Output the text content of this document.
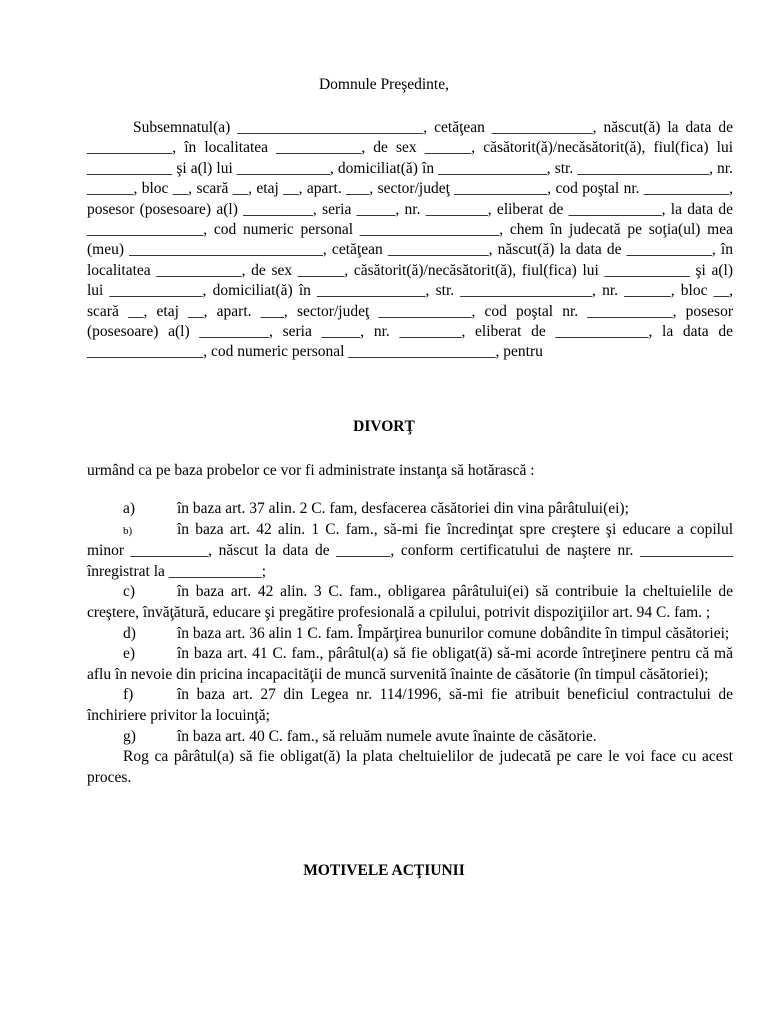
Domnule Preşedinte,
Subsemnatul(a) ________________________, cetăţean _____________, născut(ă) la data de ___________, în localitatea ___________, de sex ______, căsătorit(ă)/necăsătorit(ă), fiul(fica) lui ___________ şi a(l) lui ____________, domiciliat(ă) în ______________, str. _________________, nr. ______, bloc __, scară __, etaj __, apart. ___, sector/judeţ ____________, cod poştal nr. ___________, posesor (posesoare) a(l) _________, seria _____, nr. ________, eliberat de ____________, la data de _______________, cod numeric personal __________________, chem în judecată pe soţia(ul) mea (meu) _________________________, cetăţean _____________, născut(ă) la data de ___________, în localitatea ___________, de sex ______, căsătorit(ă)/necăsătorit(ă), fiul(fica) lui ___________ şi a(l) lui ____________, domiciliat(ă) în ______________, str. _________________, nr. ______, bloc __, scară __, etaj __, apart. ___, sector/judeţ ____________, cod poştal nr. ___________, posesor (posesoare) a(l) _________, seria _____, nr. ________, eliberat de ____________, la data de _______________, cod numeric personal ___________________, pentru
DIVORŢ
urmând ca pe baza probelor ce vor fi administrate instanţa să hotărască :
a)	în baza art. 37 alin. 2 C. fam, desfacerea căsătoriei din vina pârâtului(ei);
b)	în baza art. 42 alin. 1 C. fam., să-mi fie încredinţat spre creştere şi educare a copilul minor __________, născut la data de _______, conform certificatului de naştere nr. ____________ înregistrat la ____________;
c)	în baza art. 42 alin. 3 C. fam., obligarea pârâtului(ei) să contribuie la cheltuielile de creştere, învăţătură, educare şi pregătire profesională a cpilului, potrivit dispoziţiilor art. 94 C. fam. ;
d)	în baza art. 36 alin 1 C. fam. Împărţirea bunurilor comune dobândite în timpul căsătoriei;
e)	în baza art. 41 C. fam., pârâtul(a) să fie obligat(ă) să-mi acorde întreţinere pentru că mă aflu în nevoie din pricina incapacităţii de muncă survenită înainte de căsătorie (în timpul căsătoriei);
f)	în baza art. 27 din Legea nr. 114/1996, să-mi fie atribuit beneficiul contractului de închiriere privitor la locuinţă;
g)	în baza art. 40 C. fam., să reluăm numele avute înainte de căsătorie.
Rog ca pârâtul(a) să fie obligat(ă) la plata cheltuielilor de judecată pe care le voi face cu acest proces.
MOTIVELE ACŢIUNII
